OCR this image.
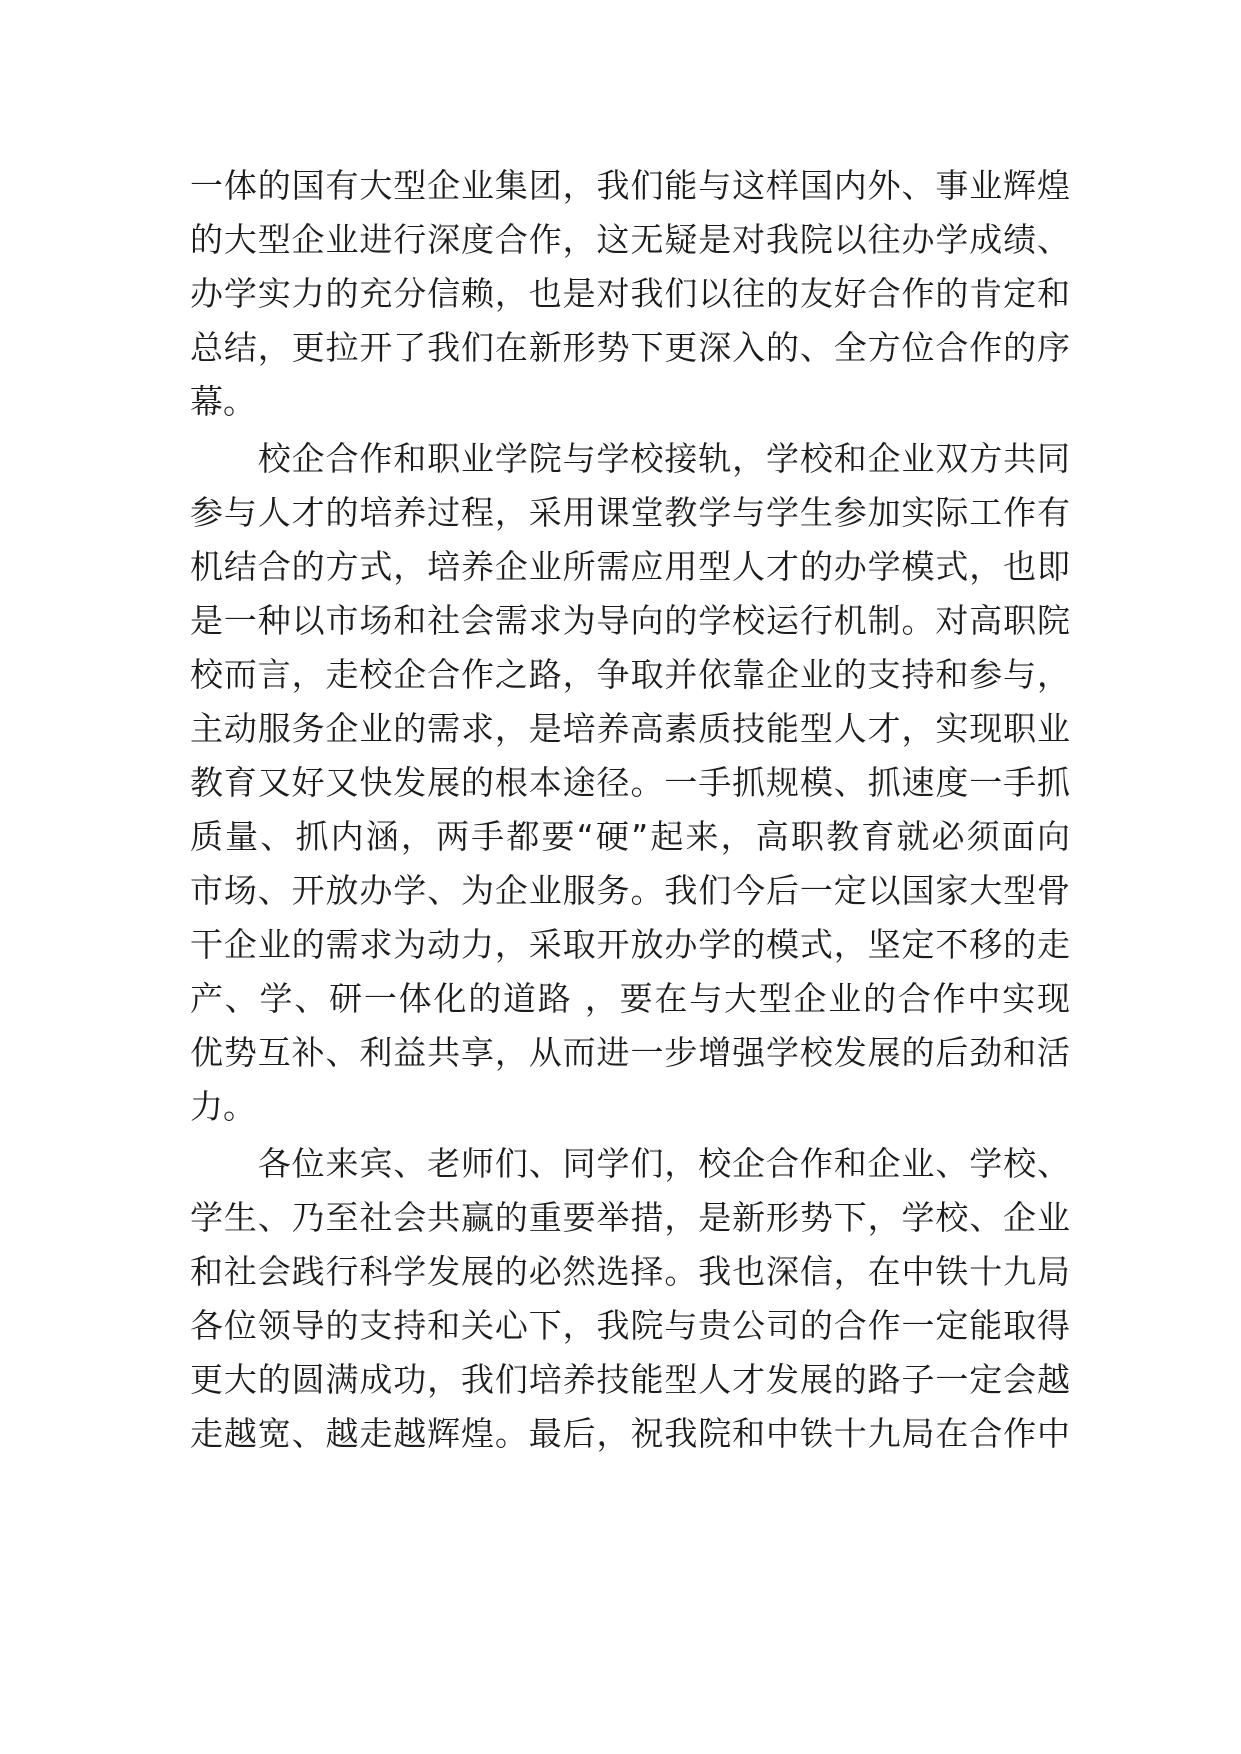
一体的国有大型企业集团，我们能与这样国内外、事业辉煌
的大型企业进行深度合作，这无疑是对我院以往办学成绩、
办学实力的充分信赖，也是对我们以往的友好合作的肯定和
总结，更拉开了我们在新形势下更深入的、全方位合作的序
幕。
　　校企合作和职业学院与学校接轨，学校和企业双方共同
参与人才的培养过程，采用课堂教学与学生参加实际工作有
机结合的方式，培养企业所需应用型人才的办学模式，也即
是一种以市场和社会需求为导向的学校运行机制。对高职院
校而言，走校企合作之路，争取并依靠企业的支持和参与，
主动服务企业的需求，是培养高素质技能型人才，实现职业
教育又好又快发展的根本途径。一手抓规模、抓速度一手抓
质量、抓内涵，两手都要“硬”起来，高职教育就必须面向
市场、开放办学、为企业服务。我们今后一定以国家大型骨
干企业的需求为动力，采取开放办学的模式，坚定不移的走
产、学、研一体化的道路 ，要在与大型企业的合作中实现
优势互补、利益共享，从而进一步增强学校发展的后劲和活
力。
　　各位来宾、老师们、同学们，校企合作和企业、学校、
学生、乃至社会共赢的重要举措，是新形势下，学校、企业
和社会践行科学发展的必然选择。我也深信，在中铁十九局
各位领导的支持和关心下，我院与贵公司的合作一定能取得
更大的圆满成功，我们培养技能型人才发展的路子一定会越
走越宽、越走越辉煌。最后，祝我院和中铁十九局在合作中
